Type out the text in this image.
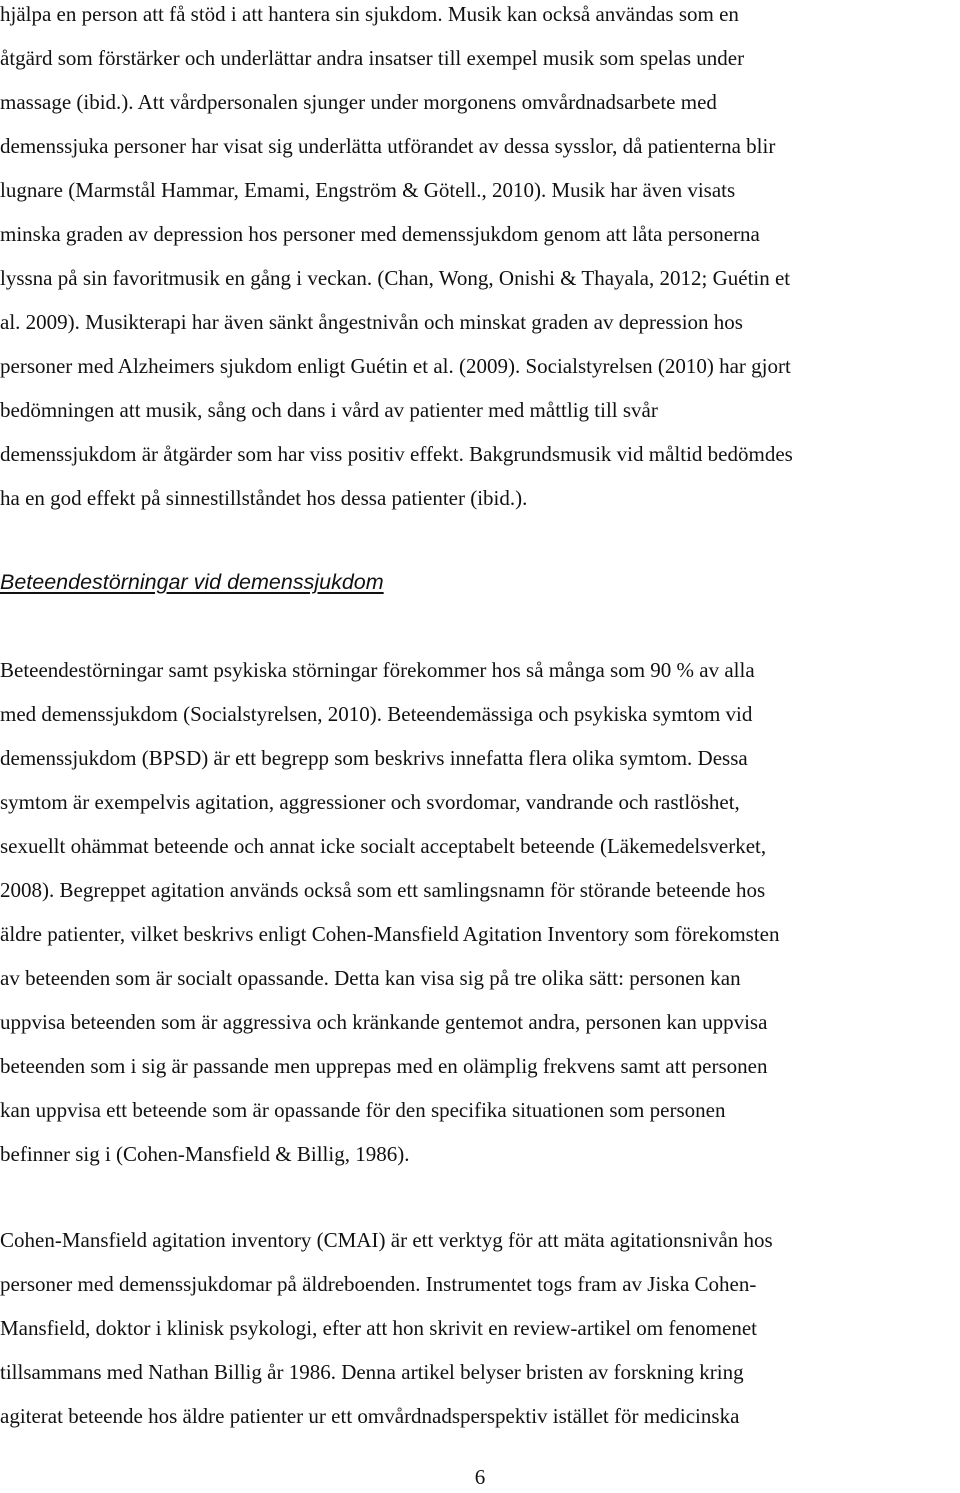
hjälpa en person att få stöd i att hantera sin sjukdom. Musik kan också användas som en
åtgärd som förstärker och underlättar andra insatser till exempel musik som spelas under
massage (ibid.). Att vårdpersonalen sjunger under morgonens omvårdnadsarbete med
demenssjuka personer har visat sig underlätta utförandet av dessa sysslor, då patienterna blir
lugnare (Marmstål Hammar, Emami, Engström & Götell., 2010). Musik har även visats
minska graden av depression hos personer med demenssjukdom genom att låta personerna
lyssna på sin favoritmusik en gång i veckan. (Chan, Wong, Onishi & Thayala, 2012; Guétin et
al. 2009). Musikterapi har även sänkt ångestnivån och minskat graden av depression hos
personer med Alzheimers sjukdom enligt Guétin et al. (2009). Socialstyrelsen (2010) har gjort
bedömningen att musik, sång och dans i vård av patienter med måttlig till svår
demenssjukdom är åtgärder som har viss positiv effekt. Bakgrundsmusik vid måltid bedömdes
ha en god effekt på sinnestillståndet hos dessa patienter (ibid.).
Beteendestörningar vid demenssjukdom
Beteendestörningar samt psykiska störningar förekommer hos så många som 90 % av alla
med demenssjukdom (Socialstyrelsen, 2010). Beteendemässiga och psykiska symtom vid
demenssjukdom (BPSD) är ett begrepp som beskrivs innefatta flera olika symtom. Dessa
symtom är exempelvis agitation, aggressioner och svordomar, vandrande och rastlöshet,
sexuellt ohämmat beteende och annat icke socialt acceptabelt beteende (Läkemedelsverket,
2008). Begreppet agitation används också som ett samlingsnamn för störande beteende hos
äldre patienter, vilket beskrivs enligt Cohen-Mansfield Agitation Inventory som förekomsten
av beteenden som är socialt opassande. Detta kan visa sig på tre olika sätt: personen kan
uppvisa beteenden som är aggressiva och kränkande gentemot andra, personen kan uppvisa
beteenden som i sig är passande men upprepas med en olämplig frekvens samt att personen
kan uppvisa ett beteende som är opassande för den specifika situationen som personen
befinner sig i (Cohen-Mansfield & Billig, 1986).
Cohen-Mansfield agitation inventory (CMAI) är ett verktyg för att mäta agitationsnivån hos
personer med demenssjukdomar på äldreboenden. Instrumentet togs fram av Jiska Cohen-
Mansfield, doktor i klinisk psykologi, efter att hon skrivit en review-artikel om fenomenet
tillsammans med Nathan Billig år 1986. Denna artikel belyser bristen av forskning kring
agiterat beteende hos äldre patienter ur ett omvårdnadsperspektiv istället för medicinska
6
